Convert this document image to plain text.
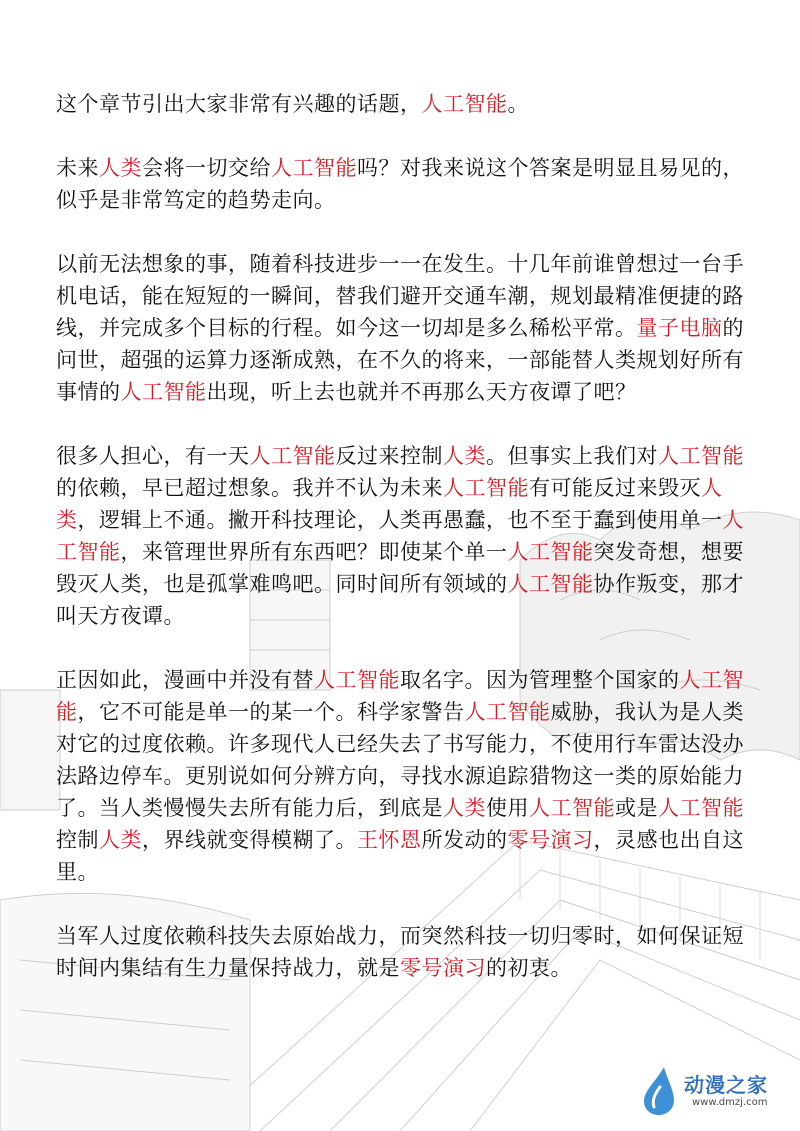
这个章节引出大家非常有兴趣的话题，人工智能。

未来人类会将一切交给人工智能吗？对我来说这个答案是明显且易见的，似乎是非常笃定的趋势走向。

以前无法想象的事，随着科技进步一一在发生。十几年前谁曾想过一台手机电话，能在短短的一瞬间，替我们避开交通车潮，规划最精准便捷的路线，并完成多个目标的行程。如今这一切却是多么稀松平常。量子电脑的问世，超强的运算力逐渐成熟，在不久的将来，一部能替人类规划好所有事情的人工智能出现，听上去也就并不再那么天方夜谭了吧？

很多人担心，有一天人工智能反过来控制人类。但事实上我们对人工智能的依赖，早已超过想象。我并不认为未来人工智能有可能反过来毁灭人类，逻辑上不通。撇开科技理论，人类再愚蠢，也不至于蠢到使用单一人工智能，来管理世界所有东西吧？即使某个单一人工智能突发奇想，想要毁灭人类，也是孤掌难鸣吧。同时间所有领域的人工智能协作叛变，那才叫天方夜谭。

正因如此，漫画中并没有替人工智能取名字。因为管理整个国家的人工智能，它不可能是单一的某一个。科学家警告人工智能威胁，我认为是人类对它的过度依赖。许多现代人已经失去了书写能力，不使用行车雷达没办法路边停车。更别说如何分辨方向，寻找水源追踪猎物这一类的原始能力了。当人类慢慢失去所有能力后，到底是人类使用人工智能或是人工智能控制人类，界线就变得模糊了。王怀恩所发动的零号演习，灵感也出自这里。

当军人过度依赖科技失去原始战力，而突然科技一切归零时，如何保证短时间内集结有生力量保持战力，就是零号演习的初衷。

动漫之家
www.dmzj.com
